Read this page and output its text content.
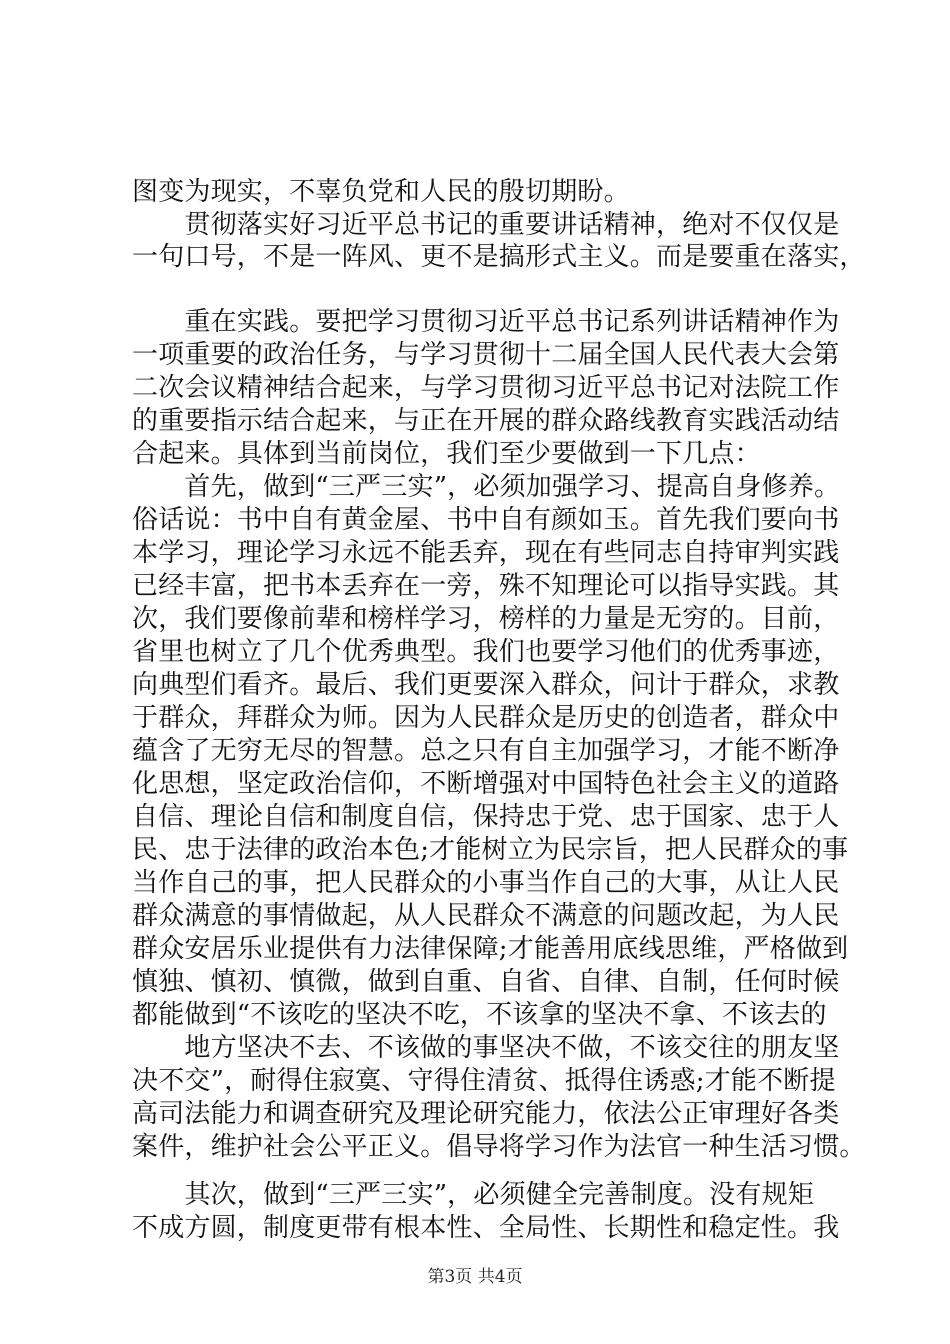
图变为现实，不辜负党和人民的殷切期盼。
　　贯彻落实好习近平总书记的重要讲话精神，绝对不仅仅是
一句口号，不是一阵风、更不是搞形式主义。而是要重在落实，
　　重在实践。要把学习贯彻习近平总书记系列讲话精神作为
一项重要的政治任务，与学习贯彻十二届全国人民代表大会第
二次会议精神结合起来，与学习贯彻习近平总书记对法院工作
的重要指示结合起来，与正在开展的群众路线教育实践活动结
合起来。具体到当前岗位，我们至少要做到一下几点：
　　首先，做到“三严三实”，必须加强学习、提高自身修养。
俗话说：书中自有黄金屋、书中自有颜如玉。首先我们要向书
本学习，理论学习永远不能丢弃，现在有些同志自持审判实践
已经丰富，把书本丢弃在一旁，殊不知理论可以指导实践。其
次，我们要像前辈和榜样学习，榜样的力量是无穷的。目前，
省里也树立了几个优秀典型。我们也要学习他们的优秀事迹，
向典型们看齐。最后、我们更要深入群众，问计于群众，求教
于群众，拜群众为师。因为人民群众是历史的创造者，群众中
蕴含了无穷无尽的智慧。总之只有自主加强学习，才能不断净
化思想，坚定政治信仰，不断增强对中国特色社会主义的道路
自信、理论自信和制度自信，保持忠于党、忠于国家、忠于人
民、忠于法律的政治本色;才能树立为民宗旨，把人民群众的事
当作自己的事，把人民群众的小事当作自己的大事，从让人民
群众满意的事情做起，从人民群众不满意的问题改起，为人民
群众安居乐业提供有力法律保障;才能善用底线思维，严格做到
慎独、慎初、慎微，做到自重、自省、自律、自制，任何时候
都能做到“不该吃的坚决不吃，不该拿的坚决不拿、不该去的
　　地方坚决不去、不该做的事坚决不做，不该交往的朋友坚
决不交”，耐得住寂寞、守得住清贫、抵得住诱惑;才能不断提
高司法能力和调查研究及理论研究能力，依法公正审理好各类
案件，维护社会公平正义。倡导将学习作为法官一种生活习惯。
　　其次，做到“三严三实”，必须健全完善制度。没有规矩
不成方圆，制度更带有根本性、全局性、长期性和稳定性。我
第3页 共4页
